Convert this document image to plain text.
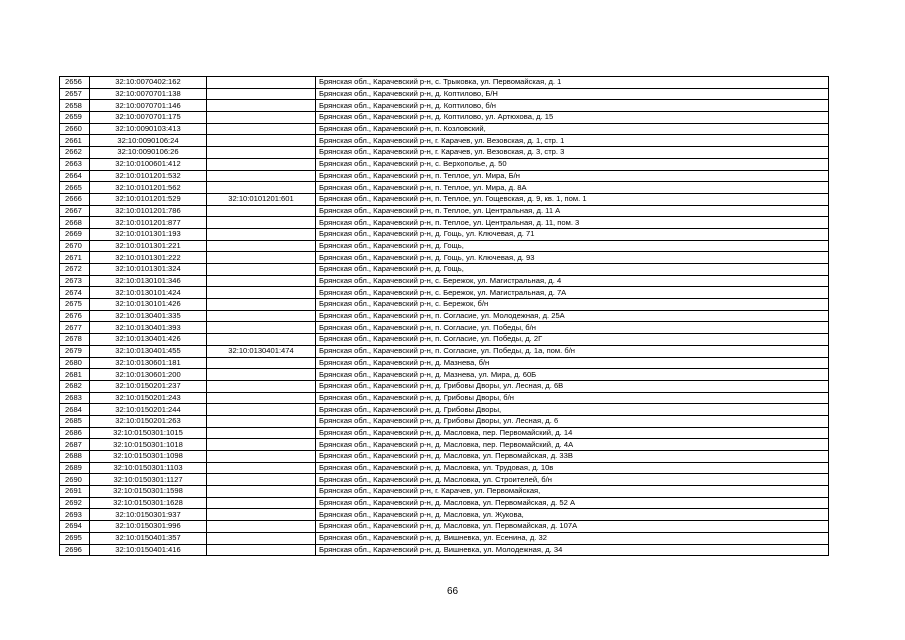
2656	32:10:0070402:162		Брянская обл., Карачевский р-н, с. Трыковка, ул. Первомайская, д. 1
2657	32:10:0070701:138		Брянская обл., Карачевский р-н, д. Коптилово, Б/Н
2658	32:10:0070701:146		Брянская обл., Карачевский р-н, д. Коптилово, б/н
2659	32:10:0070701:175		Брянская обл., Карачевский р-н, д. Коптилово, ул. Артюхова, д. 15
2660	32:10:0090103:413		Брянская обл., Карачевский р-н, п. Козловский,
2661	32:10:0090106:24		Брянская обл., Карачевский р-н, г. Карачев, ул. Везовская, д. 1, стр. 1
2662	32:10:0090106:26		Брянская обл., Карачевский р-н, г. Карачев, ул. Везовская, д. 3, стр. 3
2663	32:10:0100601:412		Брянская обл., Карачевский р-н, с. Верхополье, д. 50
2664	32:10:0101201:532		Брянская обл., Карачевский р-н, п. Теплое, ул. Мира, Б/н
2665	32:10:0101201:562		Брянская обл., Карачевский р-н, п. Теплое, ул. Мира, д. 8А
2666	32:10:0101201:529	32:10:0101201:601	Брянская обл., Карачевский р-н, п. Теплое, ул. Гощевская, д. 9, кв. 1, пом. 1
2667	32:10:0101201:786		Брянская обл., Карачевский р-н, п. Теплое, ул. Центральная, д. 11 А
2668	32:10:0101201:877		Брянская обл., Карачевский р-н, п. Теплое, ул. Центральная, д. 11, пом. 3
2669	32:10:0101301:193		Брянская обл., Карачевский р-н, д. Гощь, ул. Ключевая, д. 71
2670	32:10:0101301:221		Брянская обл., Карачевский р-н, д. Гощь,
2671	32:10:0101301:222		Брянская обл., Карачевский р-н, д. Гощь, ул. Ключевая, д. 93
2672	32:10:0101301:324		Брянская обл., Карачевский р-н, д. Гощь,
2673	32:10:0130101:346		Брянская обл., Карачевский р-н, с. Бережок, ул. Магистральная, д. 4
2674	32:10:0130101:424		Брянская обл., Карачевский р-н, с. Бережок, ул. Магистральная, д. 7А
2675	32:10:0130101:426		Брянская обл., Карачевский р-н, с. Бережок, б/н
2676	32:10:0130401:335		Брянская обл., Карачевский р-н, п. Согласие, ул. Молодежная, д. 25А
2677	32:10:0130401:393		Брянская обл., Карачевский р-н, п. Согласие, ул. Победы, б/н
2678	32:10:0130401:426		Брянская обл., Карачевский р-н, п. Согласие, ул. Победы, д. 2Г
2679	32:10:0130401:455	32:10:0130401:474	Брянская обл., Карачевский р-н, п. Согласие, ул. Победы, д. 1а, пом. б/н
2680	32:10:0130601:181		Брянская обл., Карачевский р-н, д. Мазнева, б/н
2681	32:10:0130601:200		Брянская обл., Карачевский р-н, д. Мазнева, ул. Мира, д. 60Б
2682	32:10:0150201:237		Брянская обл., Карачевский р-н, д. Грибовы Дворы, ул. Лесная, д. 6В
2683	32:10:0150201:243		Брянская обл., Карачевский р-н, д. Грибовы Дворы, б/н
2684	32:10:0150201:244		Брянская обл., Карачевский р-н, д. Грибовы Дворы,
2685	32:10:0150201:263		Брянская обл., Карачевский р-н, д. Грибовы Дворы, ул. Лесная, д. 6
2686	32:10:0150301:1015		Брянская обл., Карачевский р-н, д. Масловка, пер. Первомайский, д. 14
2687	32:10:0150301:1018		Брянская обл., Карачевский р-н, д. Масловка, пер. Первомайский, д. 4А
2688	32:10:0150301:1098		Брянская обл., Карачевский р-н, д. Масловка, ул. Первомайская, д. 33В
2689	32:10:0150301:1103		Брянская обл., Карачевский р-н, д. Масловка, ул. Трудовая, д. 10в
2690	32:10:0150301:1127		Брянская обл., Карачевский р-н, д. Масловка, ул. Строителей, б/н
2691	32:10:0150301:1598		Брянская обл., Карачевский р-н, г. Карачев, ул. Первомайская,
2692	32:10:0150301:1628		Брянская обл., Карачевский р-н, д. Масловка, ул. Первомайская, д. 52 А
2693	32:10:0150301:937		Брянская обл., Карачевский р-н, д. Масловка, ул. Жукова,
2694	32:10:0150301:996		Брянская обл., Карачевский р-н, д. Масловка, ул. Первомайская, д. 107А
2695	32:10:0150401:357		Брянская обл., Карачевский р-н, д. Вишневка, ул. Есенина, д. 32
2696	32:10:0150401:416		Брянская обл., Карачевский р-н, д. Вишневка, ул. Молодежная, д. 34
66
